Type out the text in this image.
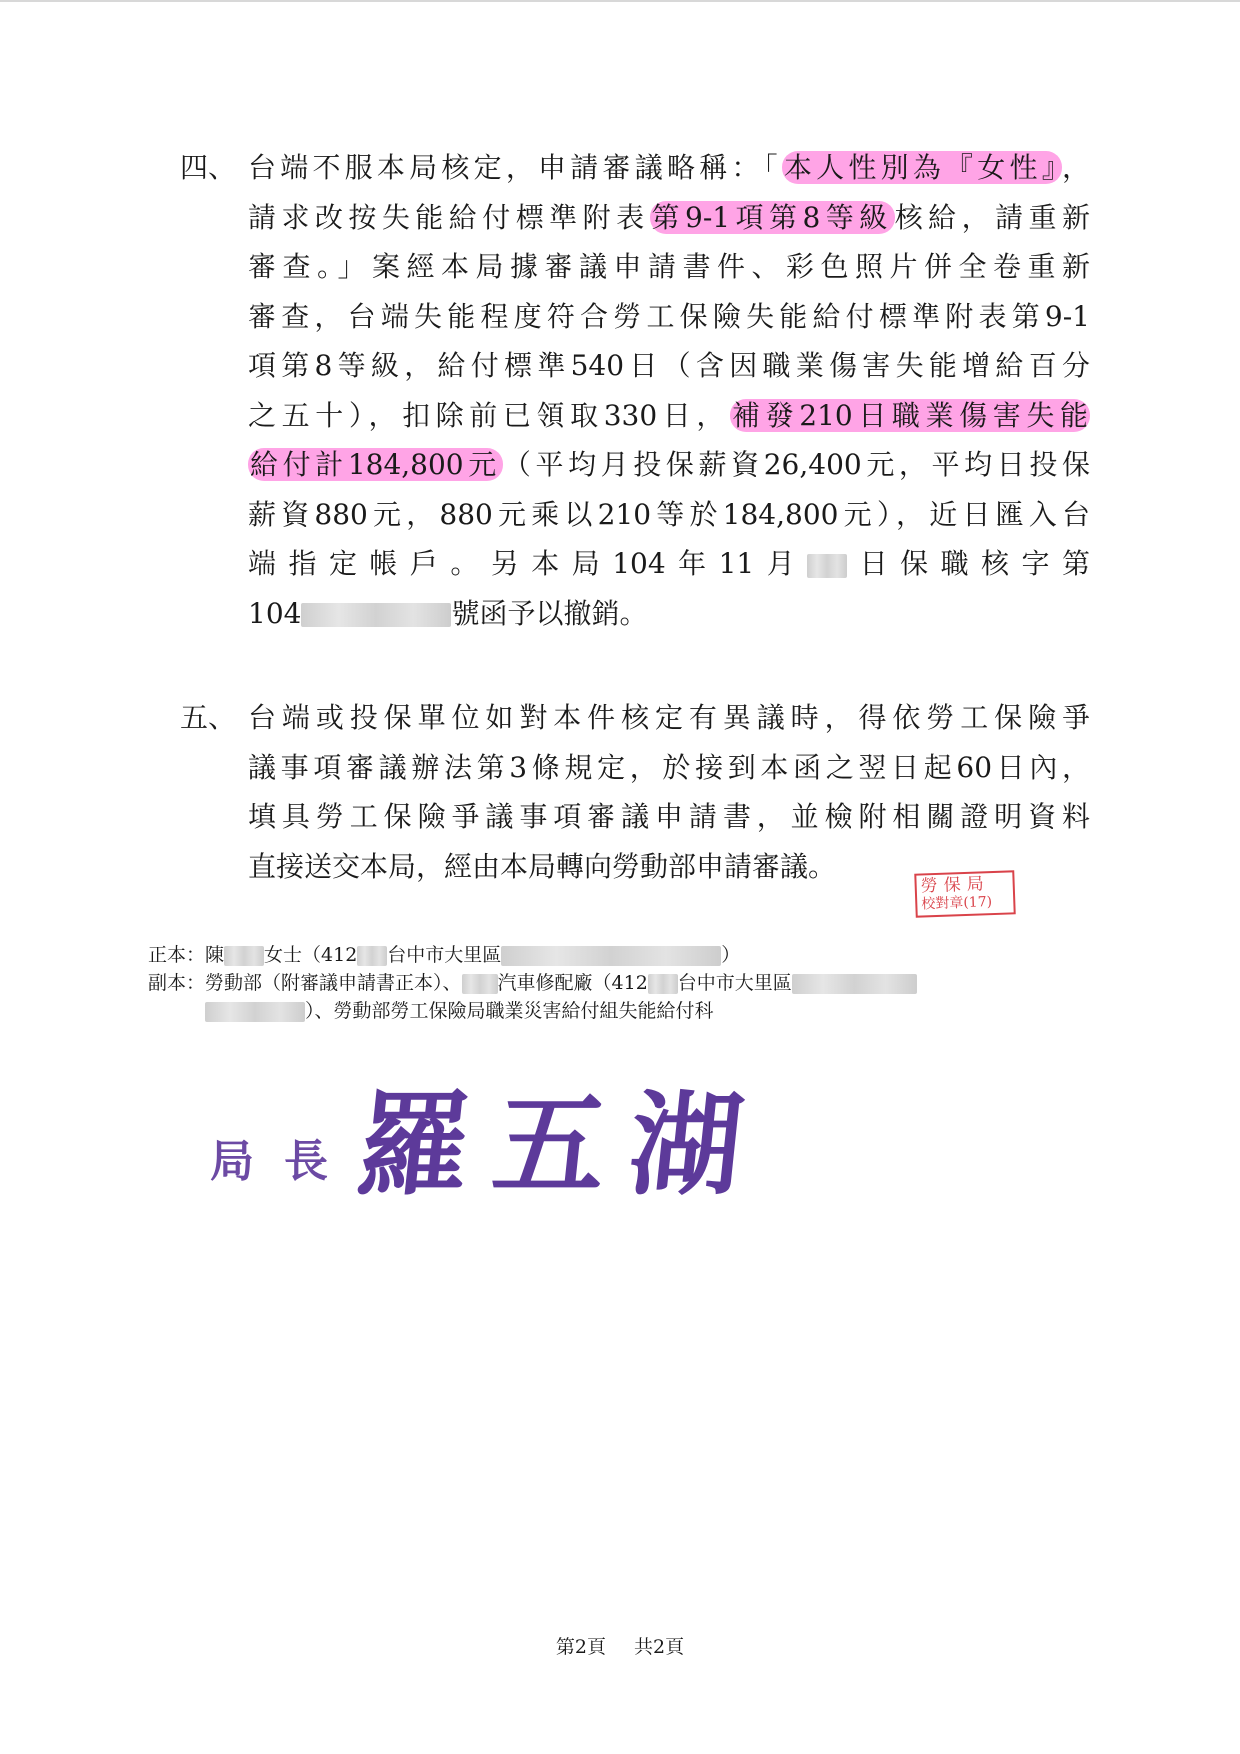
四、 台端不服本局核定，申請審議略稱：「本人性別為『女性』，
請求改按失能給付標準附表第9-1項第8等級核給，請重新
審查。」案經本局據審議申請書件、彩色照片併全卷重新
審查，台端失能程度符合勞工保險失能給付標準附表第9-1
項第8等級，給付標準540日（含因職業傷害失能增給百分
之五十），扣除前已領取330日，補發210日職業傷害失能
給付計184,800元（平均月投保薪資26,400元，平均日投保
薪資880元，880元乘以210等於184,800元），近日匯入台
端指定帳戶。另本局104年11月 日保職核字第
104	號函予以撤銷。
五、 台端或投保單位如對本件核定有異議時，得依勞工保險爭
議事項審議辦法第3條規定，於接到本函之翌日起60日內，
填具勞工保險爭議事項審議申請書，並檢附相關證明資料
直接送交本局，經由本局轉向勞動部申請審議。
勞保局
校對章(17)
正本：陳 女士（412 台中市大里區	）
副本：勞動部（附審議申請書正本）、 汽車修配廠（412 台中市大里區
　　　）、勞動部勞工保險局職業災害給付組失能給付科
局長
羅五湖
第2頁 共2頁
